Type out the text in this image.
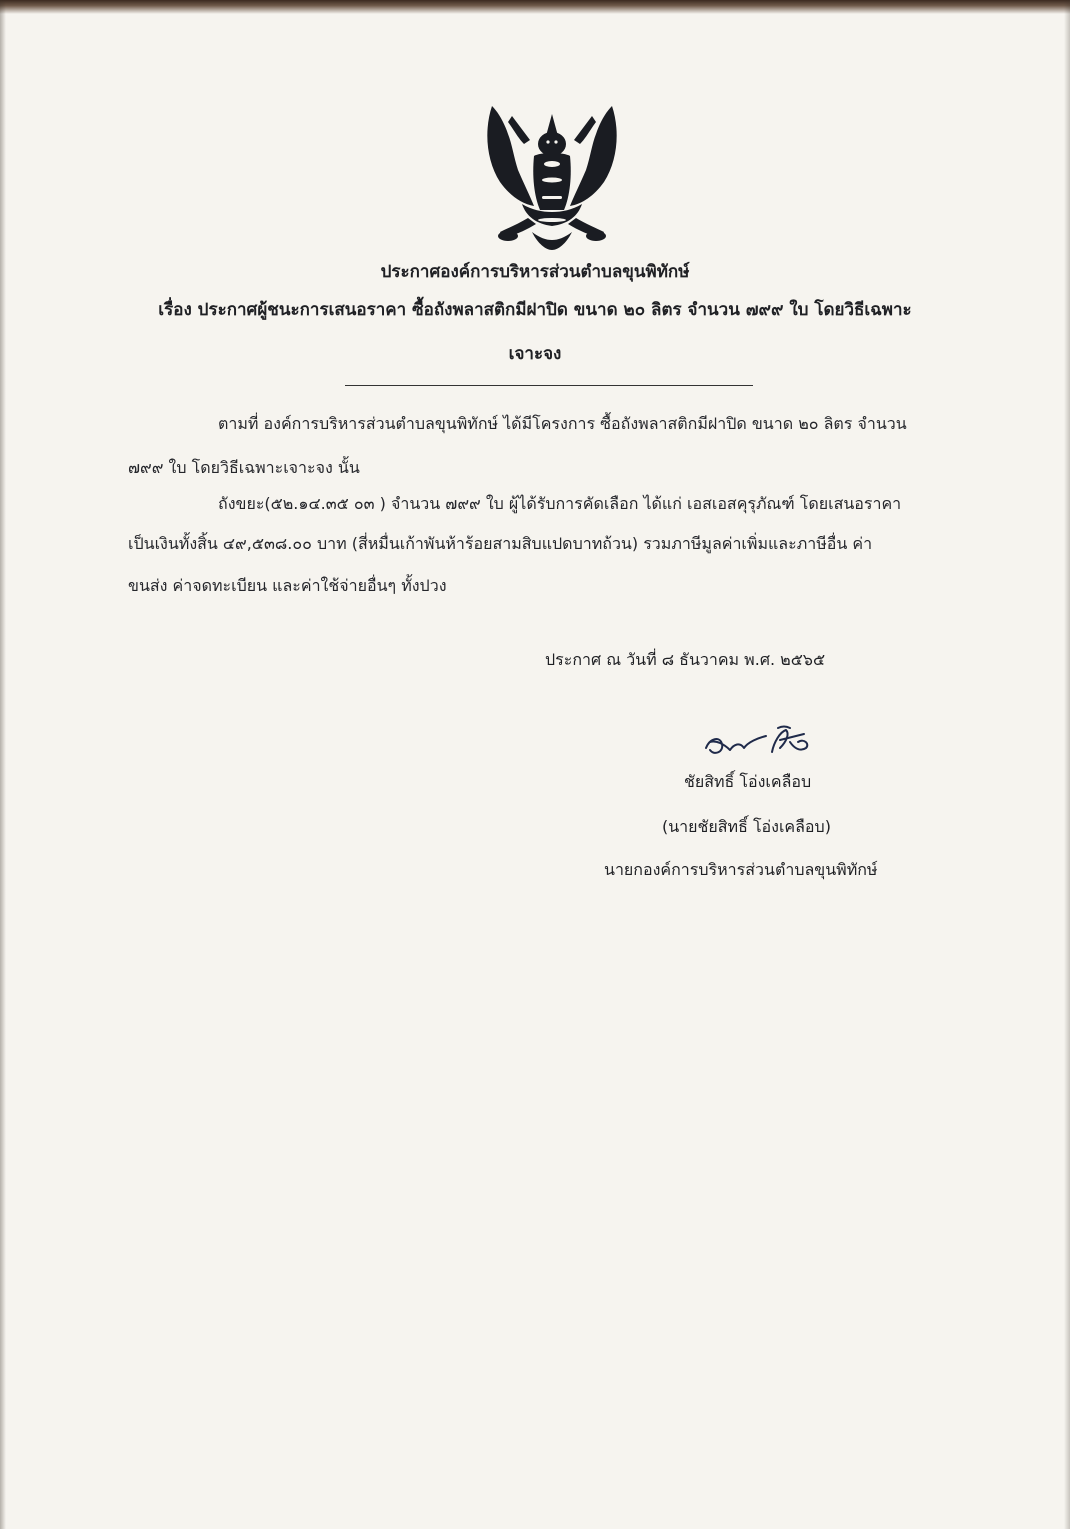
ประกาศองค์การบริหารส่วนตำบลขุนพิทักษ์
เรื่อง ประกาศผู้ชนะการเสนอราคา ซื้อถังพลาสติกมีฝาปิด ขนาด ๒๐ ลิตร จำนวน ๗๙๙ ใบ โดยวิธีเฉพาะ
เจาะจง
ตามที่ องค์การบริหารส่วนตำบลขุนพิทักษ์ ได้มีโครงการ ซื้อถังพลาสติกมีฝาปิด ขนาด ๒๐ ลิตร จำนวน
๗๙๙ ใบ โดยวิธีเฉพาะเจาะจง นั้น
ถังขยะ(๕๒.๑๔.๓๕ ๐๓ ) จำนวน ๗๙๙ ใบ ผู้ได้รับการคัดเลือก ได้แก่ เอสเอสคุรุภัณฑ์ โดยเสนอราคา
เป็นเงินทั้งสิ้น ๔๙,๕๓๘.๐๐ บาท (สี่หมื่นเก้าพันห้าร้อยสามสิบแปดบาทถ้วน) รวมภาษีมูลค่าเพิ่มและภาษีอื่น ค่า
ขนส่ง ค่าจดทะเบียน และค่าใช้จ่ายอื่นๆ ทั้งปวง
ประกาศ ณ วันที่ ๘ ธันวาคม พ.ศ. ๒๕๖๕
ชัยสิทธิ์ โอ่งเคลือบ
(นายชัยสิทธิ์ โอ่งเคลือบ)
นายกองค์การบริหารส่วนตำบลขุนพิทักษ์
